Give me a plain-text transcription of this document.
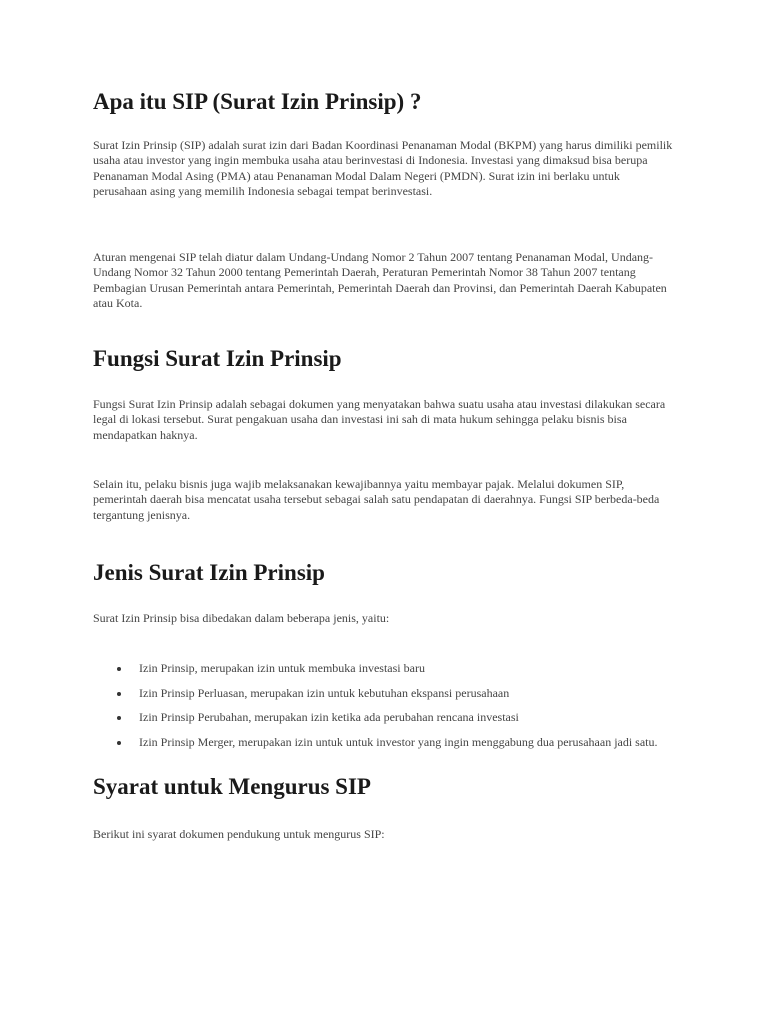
Apa itu SIP (Surat Izin Prinsip) ?

Surat Izin Prinsip (SIP) adalah surat izin dari Badan Koordinasi Penanaman Modal (BKPM) yang harus dimiliki pemilik usaha atau investor yang ingin membuka usaha atau berinvestasi di Indonesia. Investasi yang dimaksud bisa berupa Penanaman Modal Asing (PMA) atau Penanaman Modal Dalam Negeri (PMDN). Surat izin ini berlaku untuk perusahaan asing yang memilih Indonesia sebagai tempat berinvestasi.

Aturan mengenai SIP telah diatur dalam Undang-Undang Nomor 2 Tahun 2007 tentang Penanaman Modal, Undang-Undang Nomor 32 Tahun 2000 tentang Pemerintah Daerah, Peraturan Pemerintah Nomor 38 Tahun 2007 tentang Pembagian Urusan Pemerintah antara Pemerintah, Pemerintah Daerah dan Provinsi, dan Pemerintah Daerah Kabupaten atau Kota.

Fungsi Surat Izin Prinsip

Fungsi Surat Izin Prinsip adalah sebagai dokumen yang menyatakan bahwa suatu usaha atau investasi dilakukan secara legal di lokasi tersebut. Surat pengakuan usaha dan investasi ini sah di mata hukum sehingga pelaku bisnis bisa mendapatkan haknya.

Selain itu, pelaku bisnis juga wajib melaksanakan kewajibannya yaitu membayar pajak. Melalui dokumen SIP, pemerintah daerah bisa mencatat usaha tersebut sebagai salah satu pendapatan di daerahnya. Fungsi SIP berbeda-beda tergantung jenisnya.

Jenis Surat Izin Prinsip

Surat Izin Prinsip bisa dibedakan dalam beberapa jenis, yaitu:

Izin Prinsip, merupakan izin untuk membuka investasi baru
Izin Prinsip Perluasan, merupakan izin untuk kebutuhan ekspansi perusahaan
Izin Prinsip Perubahan, merupakan izin ketika ada perubahan rencana investasi
Izin Prinsip Merger, merupakan izin untuk untuk investor yang ingin menggabung dua perusahaan jadi satu.
Syarat untuk Mengurus SIP

Berikut ini syarat dokumen pendukung untuk mengurus SIP:
